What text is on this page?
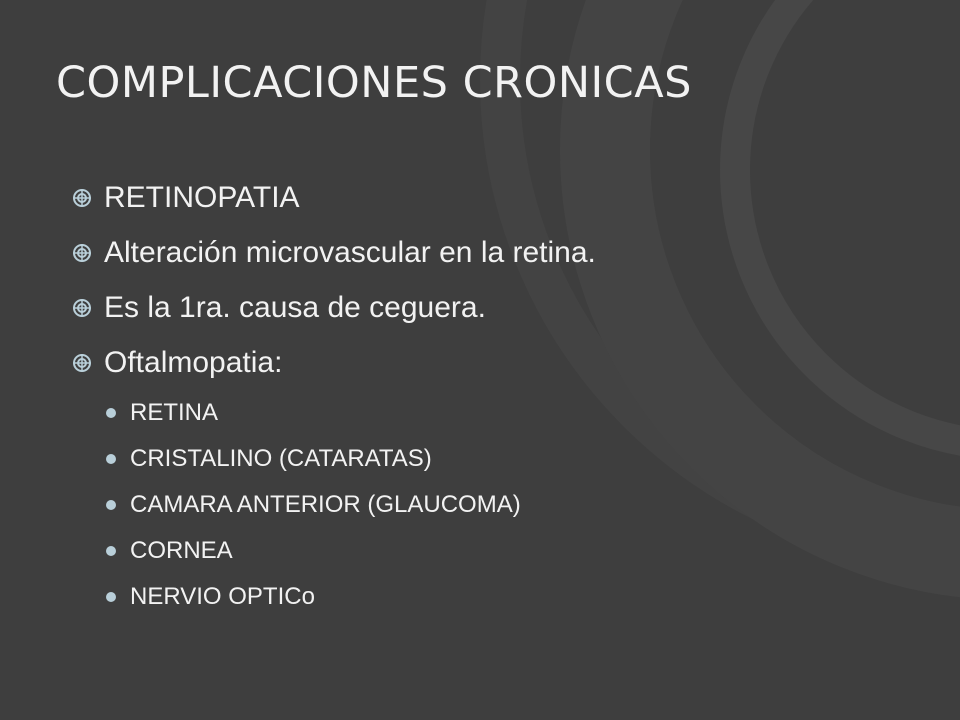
COMPLICACIONES CRONICAS
RETINOPATIA
Alteración microvascular en la retina.
Es la 1ra. causa de ceguera.
Oftalmopatia:
RETINA
CRISTALINO (CATARATAS)
CAMARA ANTERIOR (GLAUCOMA)
CORNEA
NERVIO OPTICo
